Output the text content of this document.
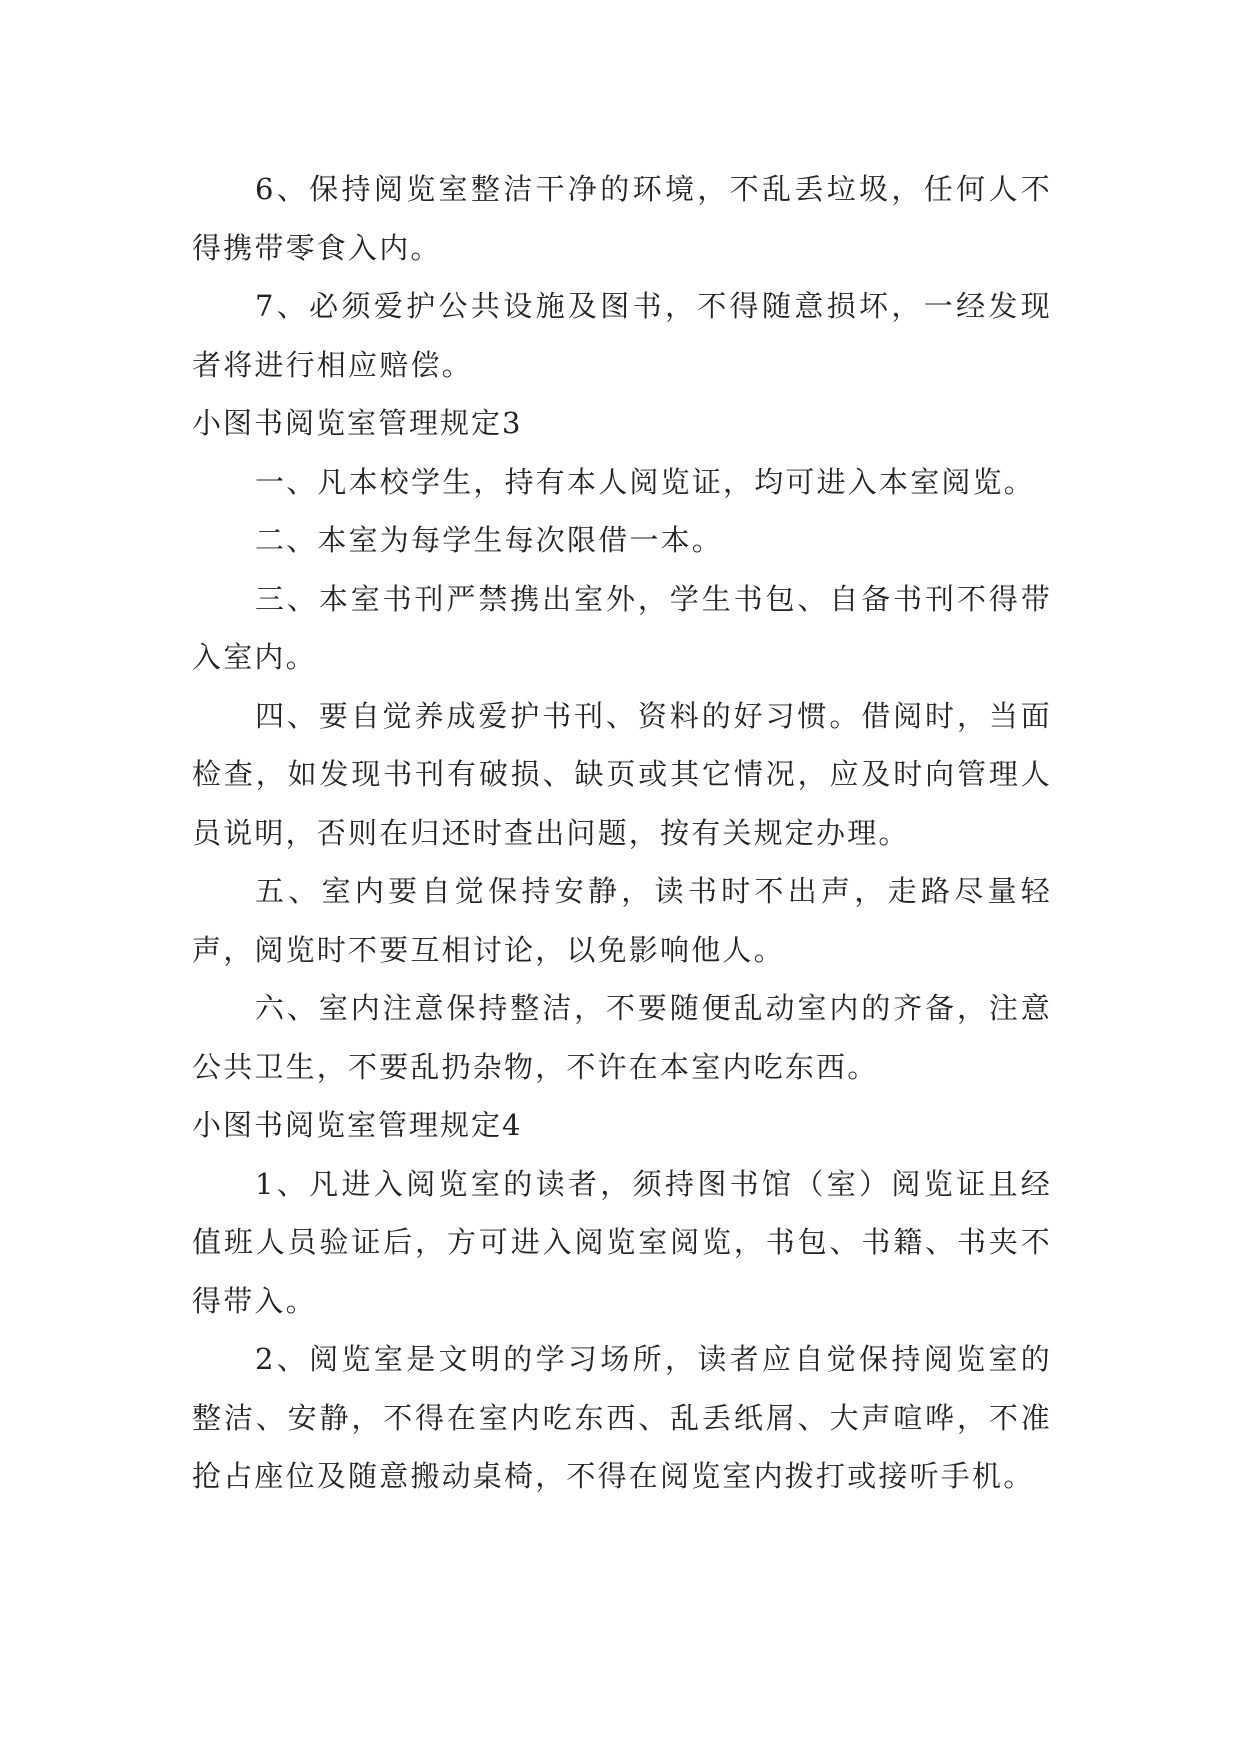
6、保持阅览室整洁干净的环境，不乱丢垃圾，任何人不得携带零食入内。

7、必须爱护公共设施及图书，不得随意损坏，一经发现者将进行相应赔偿。

小图书阅览室管理规定3

一、凡本校学生，持有本人阅览证，均可进入本室阅览。

二、本室为每学生每次限借一本。

三、本室书刊严禁携出室外，学生书包、自备书刊不得带入室内。

四、要自觉养成爱护书刊、资料的好习惯。借阅时，当面检查，如发现书刊有破损、缺页或其它情况，应及时向管理人员说明，否则在归还时查出问题，按有关规定办理。

五、室内要自觉保持安静，读书时不出声，走路尽量轻声，阅览时不要互相讨论，以免影响他人。

六、室内注意保持整洁，不要随便乱动室内的齐备，注意公共卫生，不要乱扔杂物，不许在本室内吃东西。

小图书阅览室管理规定4

1、凡进入阅览室的读者，须持图书馆（室）阅览证且经值班人员验证后，方可进入阅览室阅览，书包、书籍、书夹不得带入。

2、阅览室是文明的学习场所，读者应自觉保持阅览室的整洁、安静，不得在室内吃东西、乱丢纸屑、大声喧哗，不准抢占座位及随意搬动桌椅，不得在阅览室内拨打或接听手机。
